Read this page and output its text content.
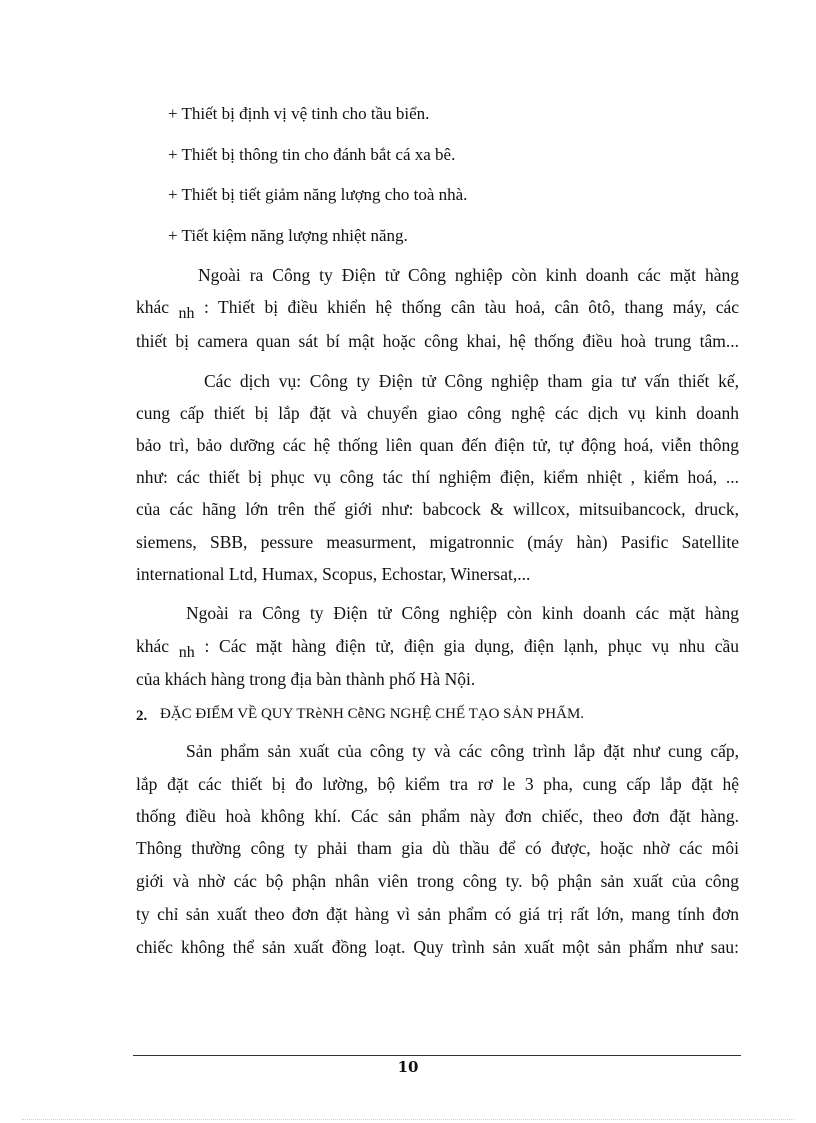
+ Thiết bị định vị vệ tinh cho tầu biển.
+ Thiết bị thông tin cho đánh bắt cá xa bê.
+ Thiết bị tiết giảm năng lượng cho toà nhà.
+ Tiết kiệm năng lượng nhiệt năng.
Ngoài ra Công ty Điện tử Công nghiệp còn kinh doanh các mặt hàng
khác nh : Thiết bị điều khiển hệ thống cân tàu hoả, cân ôtô, thang máy, các
thiết bị camera quan sát bí mật hoặc công khai, hệ thống điều hoà trung tâm...
Các dịch vụ: Công ty Điện tử Công nghiệp tham gia tư vấn thiết kế,
cung cấp thiết bị lắp đặt và chuyển giao công nghệ các dịch vụ kinh doanh
bảo trì, bảo dưỡng các hệ thống liên quan đến điện tử, tự động hoá, viễn thông
như: các thiết bị phục vụ công tác thí nghiệm điện, kiểm nhiệt , kiểm hoá, ...
của các hãng lớn trên thế giới như: babcock & willcox, mitsuibancock, druck,
siemens, SBB, pessure measurment, migatronnic (máy hàn) Pasific Satellite
international Ltd, Humax, Scopus, Echostar, Winersat,...
Ngoài ra Công ty Điện tử Công nghiệp còn kinh doanh các mặt hàng
khác nh : Các mặt hàng điện tử, điện gia dụng, điện lạnh, phục vụ nhu cầu
của khách hàng trong địa bàn thành phố Hà Nội.
2. ĐẶC ĐIỂM VỀ QUY TRèNH CễNG NGHỆ CHẾ TẠO SẢN PHẨM.
Sản phẩm sản xuất của công ty và các công trình lắp đặt như cung cấp,
lắp đặt các thiết bị đo lường, bộ kiểm tra rơ le 3 pha, cung cấp lắp đặt hệ
thống điều hoà không khí. Các sản phẩm này đơn chiếc, theo đơn đặt hàng.
Thông thường công ty phải tham gia dù thầu để có được, hoặc nhờ các môi
giới và nhờ các bộ phận nhân viên trong công ty. bộ phận sản xuất của công
ty chỉ sản xuất theo đơn đặt hàng vì sản phẩm có giá trị rất lớn, mang tính đơn
chiếc không thể sản xuất đồng loạt. Quy trình sản xuất một sản phẩm như sau:
10
